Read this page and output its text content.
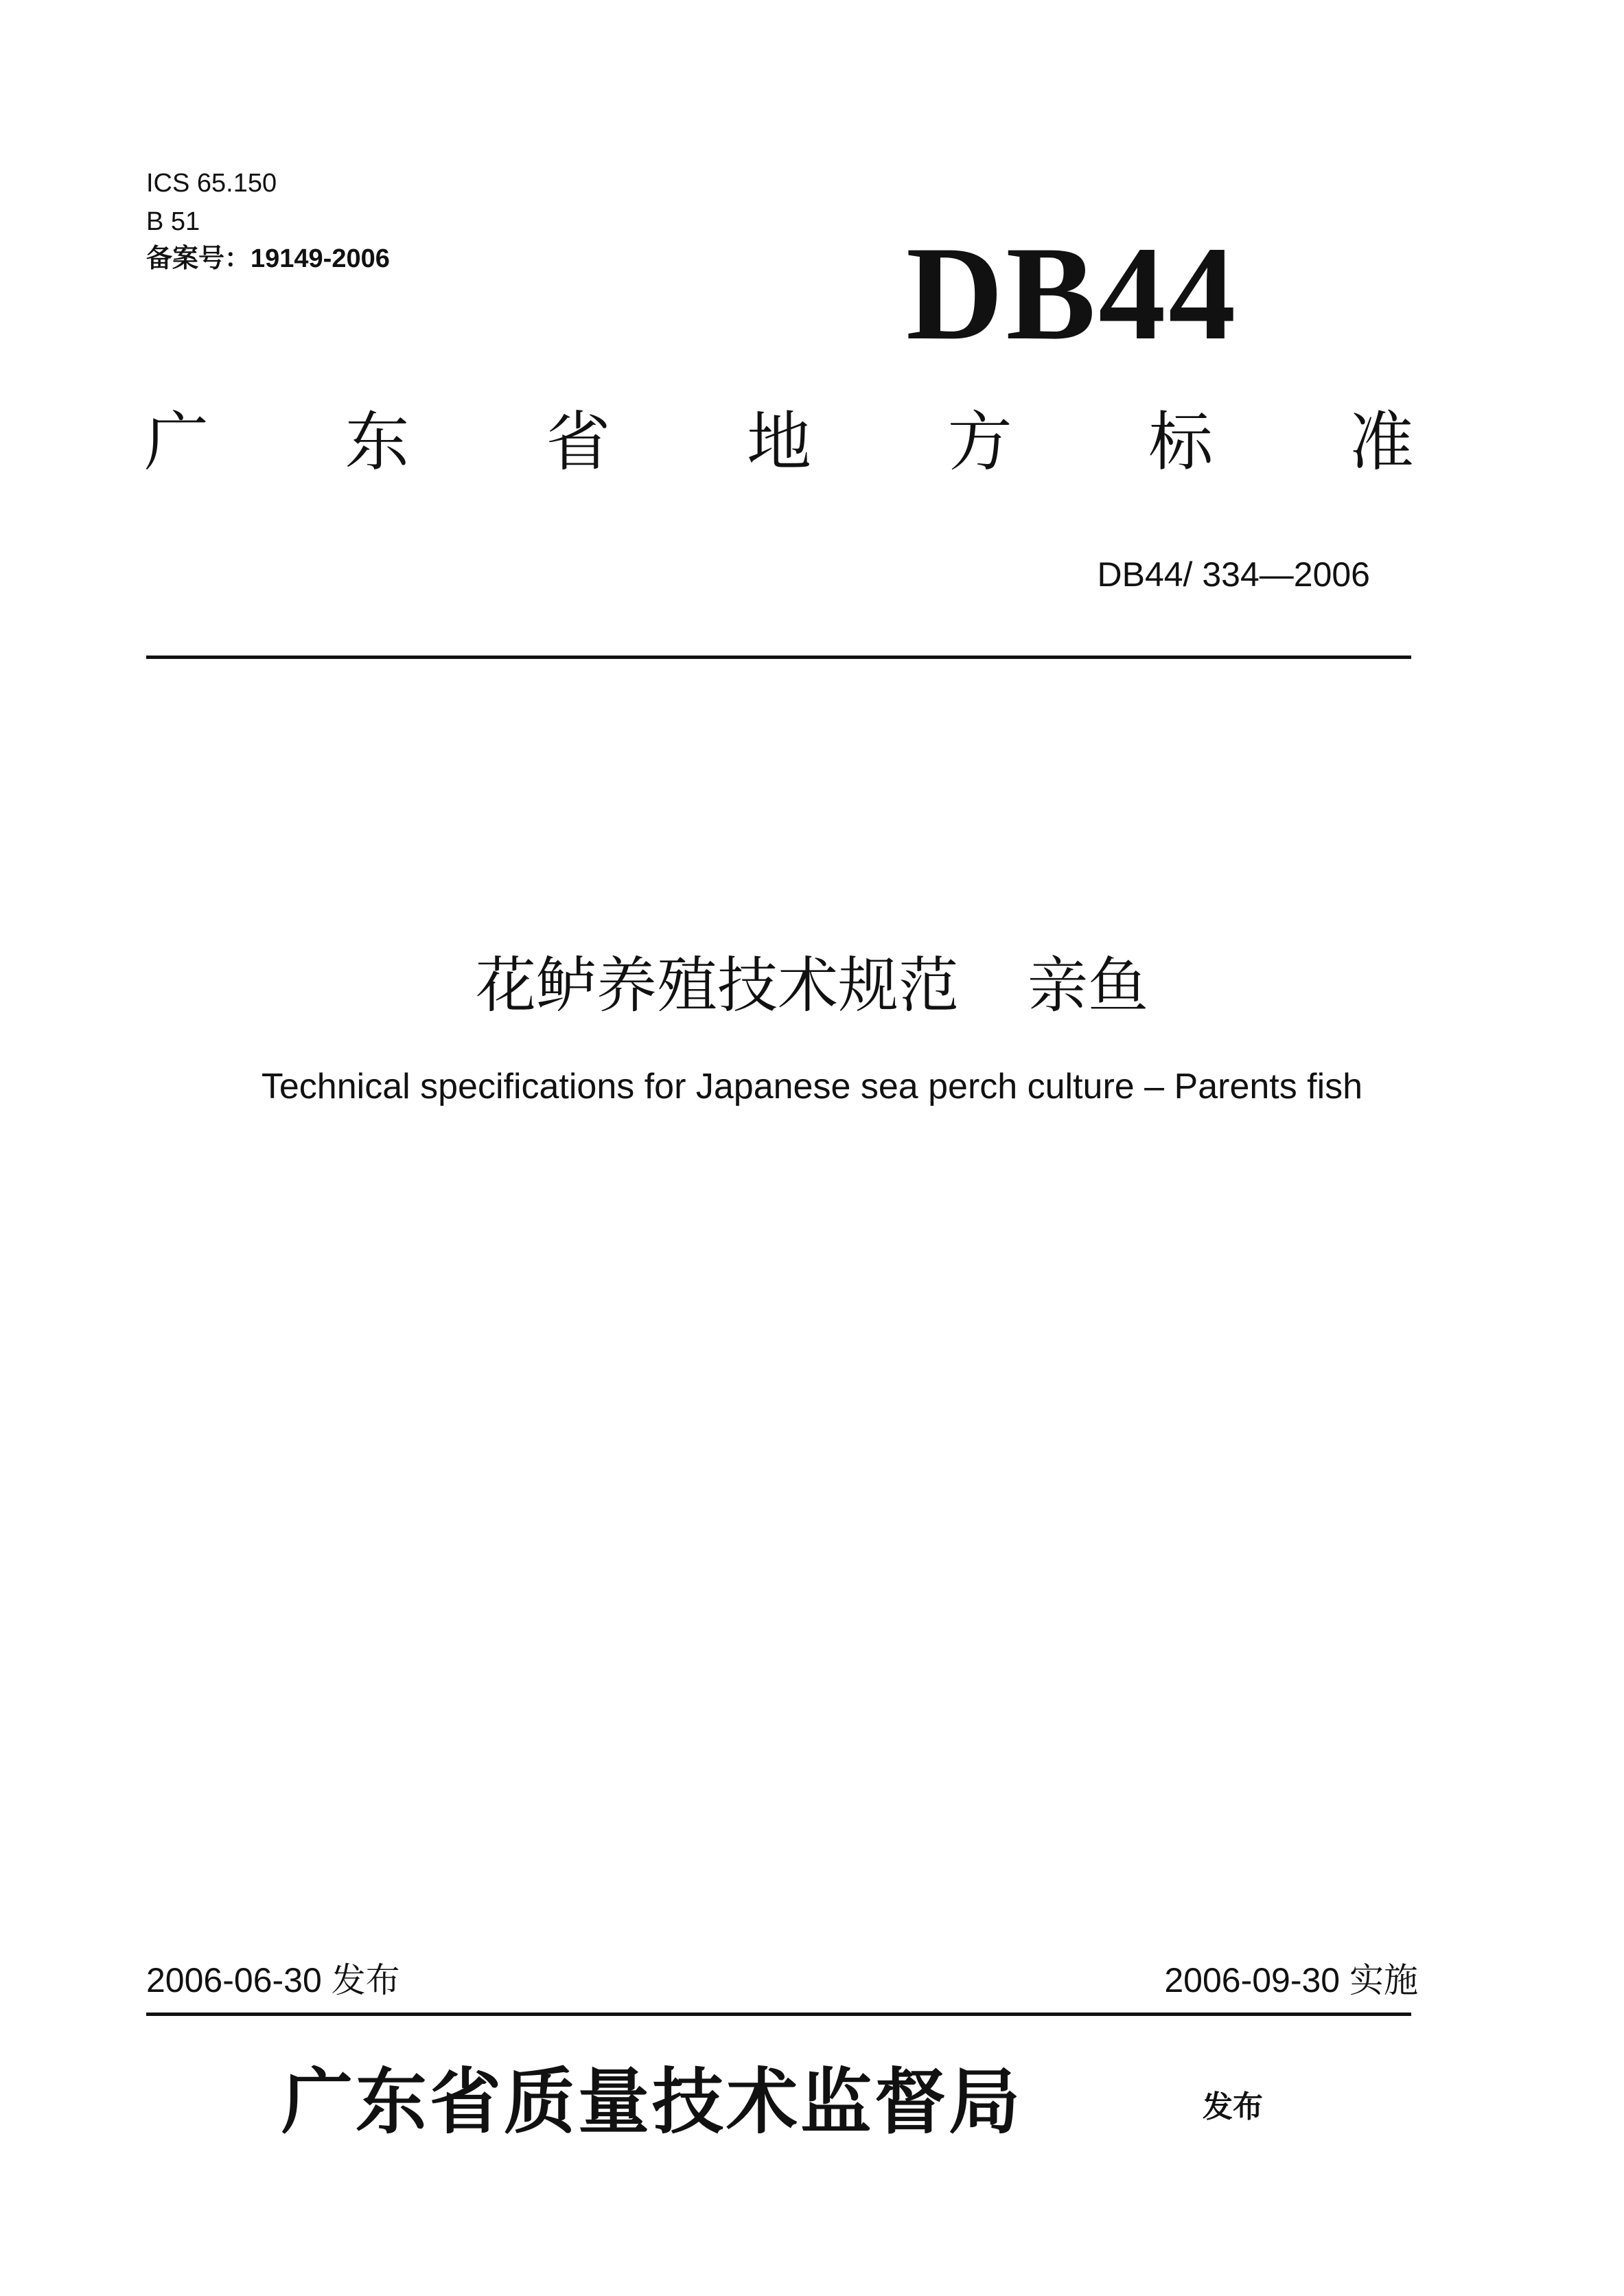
ICS 65.150
B 51
备案号：19149-2006	DB44
广 东 省 地 方 标 准
DB44/ 334—2006
花鲈养殖技术规范 亲鱼
Technical specifications for Japanese sea perch culture – Parents fish
2006-06-30 发布	2006-09-30 实施
广东省质量技术监督局	发布
